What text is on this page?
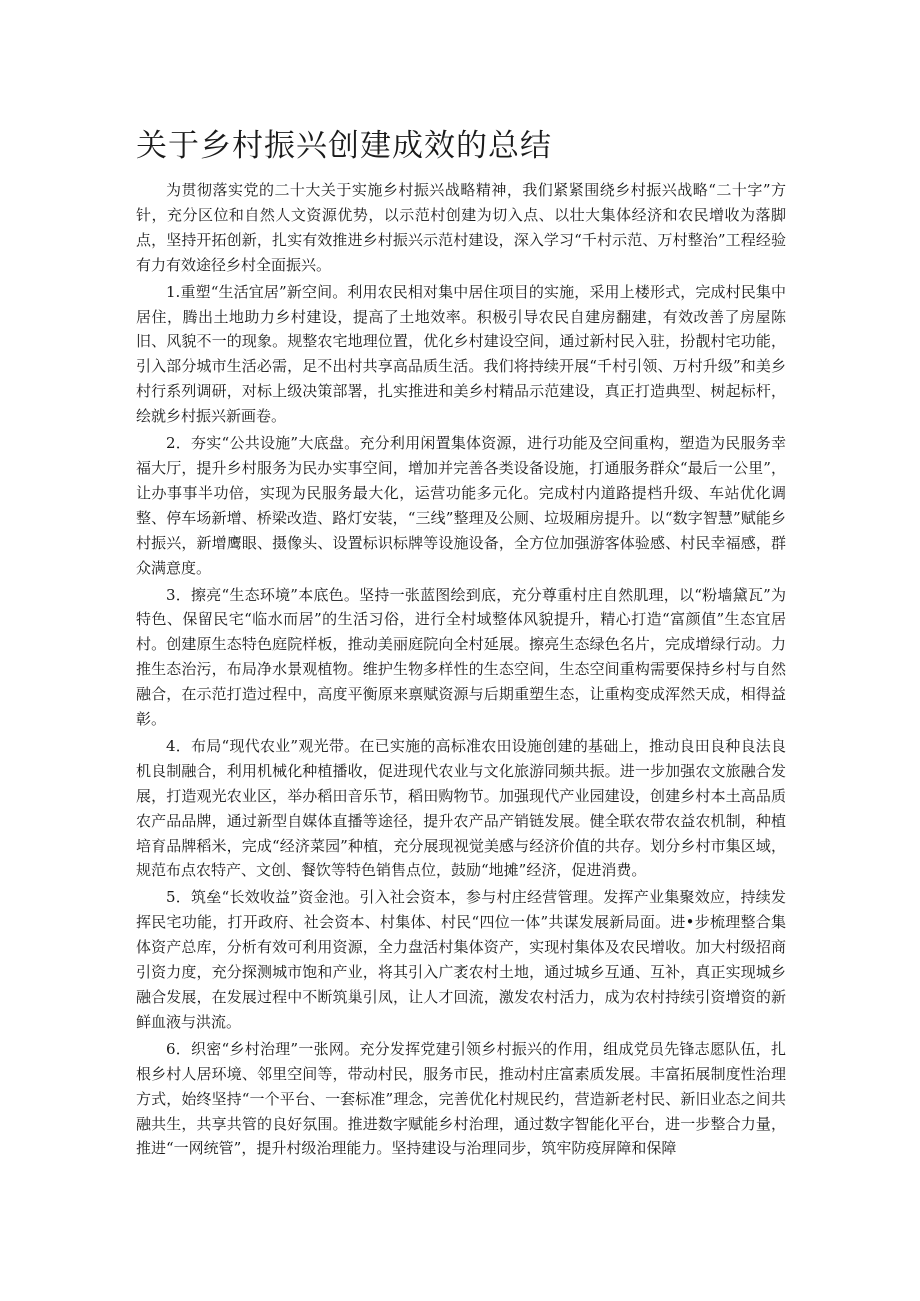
关于乡村振兴创建成效的总结

为贯彻落实党的二十大关于实施乡村振兴战略精神，我们紧紧围绕乡村振兴战略“二十字”方针，充分区位和自然人文资源优势，以示范村创建为切入点、以壮大集体经济和农民增收为落脚点，坚持开拓创新，扎实有效推进乡村振兴示范村建设，深入学习“千村示范、万村整治”工程经验有力有效途径乡村全面振兴。

1.重塑“生活宜居”新空间。利用农民相对集中居住项目的实施，采用上楼形式，完成村民集中居住，腾出土地助力乡村建设，提高了土地效率。积极引导农民自建房翻建，有效改善了房屋陈旧、风貌不一的现象。规整农宅地理位置，优化乡村建设空间，通过新村民入驻，扮靓村宅功能，引入部分城市生活必需，足不出村共享高品质生活。我们将持续开展“千村引领、万村升级”和美乡村行系列调研，对标上级决策部署，扎实推进和美乡村精品示范建设，真正打造典型、树起标杆，绘就乡村振兴新画卷。

2．夯实“公共设施”大底盘。充分利用闲置集体资源，进行功能及空间重构，塑造为民服务幸福大厅，提升乡村服务为民办实事空间，增加并完善各类设备设施，打通服务群众“最后一公里”，让办事事半功倍，实现为民服务最大化，运营功能多元化。完成村内道路提档升级、车站优化调整、停车场新增、桥梁改造、路灯安装，“三线”整理及公厕、垃圾厢房提升。以“数字智慧”赋能乡村振兴，新增鹰眼、摄像头、设置标识标牌等设施设备，全方位加强游客体验感、村民幸福感，群众满意度。

3．擦亮“生态环境”本底色。坚持一张蓝图绘到底，充分尊重村庄自然肌理，以“粉墙黛瓦”为特色、保留民宅“临水而居”的生活习俗，进行全村域整体风貌提升，精心打造“富颜值”生态宜居村。创建原生态特色庭院样板，推动美丽庭院向全村延展。擦亮生态绿色名片，完成增绿行动。力推生态治污，布局净水景观植物。维护生物多样性的生态空间，生态空间重构需要保持乡村与自然融合，在示范打造过程中，高度平衡原来禀赋资源与后期重塑生态，让重构变成浑然天成，相得益彰。

4．布局“现代农业”观光带。在已实施的高标准农田设施创建的基础上，推动良田良种良法良机良制融合，利用机械化种植播收，促进现代农业与文化旅游同频共振。进一步加强农文旅融合发展，打造观光农业区，举办稻田音乐节，稻田购物节。加强现代产业园建设，创建乡村本土高品质农产品品牌，通过新型自媒体直播等途径，提升农产品产销链发展。健全联农带农益农机制，种植培育品牌稻米，完成“经济菜园”种植，充分展现视觉美感与经济价值的共存。划分乡村市集区域，规范布点农特产、文创、餐饮等特色销售点位，鼓励“地摊”经济，促进消费。

5．筑垒“长效收益”资金池。引入社会资本，参与村庄经营管理。发挥产业集聚效应，持续发挥民宅功能，打开政府、社会资本、村集体、村民“四位一体”共谋发展新局面。进•步梳理整合集体资产总库，分析有效可利用资源，全力盘活村集体资产，实现村集体及农民增收。加大村级招商引资力度，充分探测城市饱和产业，将其引入广袤农村土地，通过城乡互通、互补，真正实现城乡融合发展，在发展过程中不断筑巢引凤，让人才回流，激发农村活力，成为农村持续引资增资的新鲜血液与洪流。

6．织密“乡村治理”一张网。充分发挥党建引领乡村振兴的作用，组成党员先锋志愿队伍，扎根乡村人居环境、邻里空间等，带动村民，服务市民，推动村庄富素质发展。丰富拓展制度性治理方式，始终坚持“一个平台、一套标准”理念，完善优化村规民约，营造新老村民、新旧业态之间共融共生，共享共管的良好氛围。推进数字赋能乡村治理，通过数字智能化平台，进一步整合力量，推进“一网统管”，提升村级治理能力。坚持建设与治理同步，筑牢防疫屏障和保障
